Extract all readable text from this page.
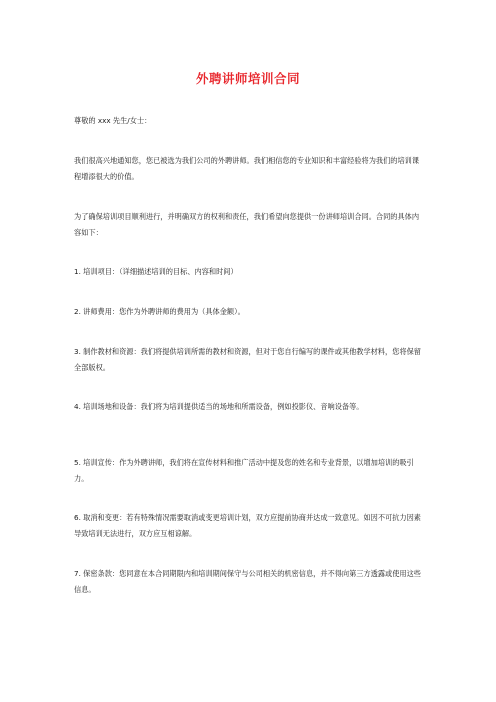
外聘讲师培训合同
尊敬的 xxx 先生/女士：
我们很高兴地通知您，您已被选为我们公司的外聘讲师。我们相信您的专业知识和丰富经验将为我们的培训课程增添很大的价值。
为了确保培训项目顺利进行，并明确双方的权利和责任，我们希望向您提供一份讲师培训合同。合同的具体内容如下：
1. 培训项目：（详细描述培训的目标、内容和时间）
2. 讲师费用：您作为外聘讲师的费用为（具体金额）。
3. 制作教材和资源：我们将提供培训所需的教材和资源，但对于您自行编写的课件或其他教学材料，您将保留全部版权。
4. 培训场地和设备：我们将为培训提供适当的场地和所需设备，例如投影仪、音响设备等。
5. 培训宣传：作为外聘讲师，我们将在宣传材料和推广活动中提及您的姓名和专业背景，以增加培训的吸引力。
6. 取消和变更：若有特殊情况需要取消或变更培训计划，双方应提前协商并达成一致意见。如因不可抗力因素导致培训无法进行，双方应互相谅解。
7. 保密条款：您同意在本合同期限内和培训期间保守与公司相关的机密信息，并不得向第三方透露或使用这些信息。
